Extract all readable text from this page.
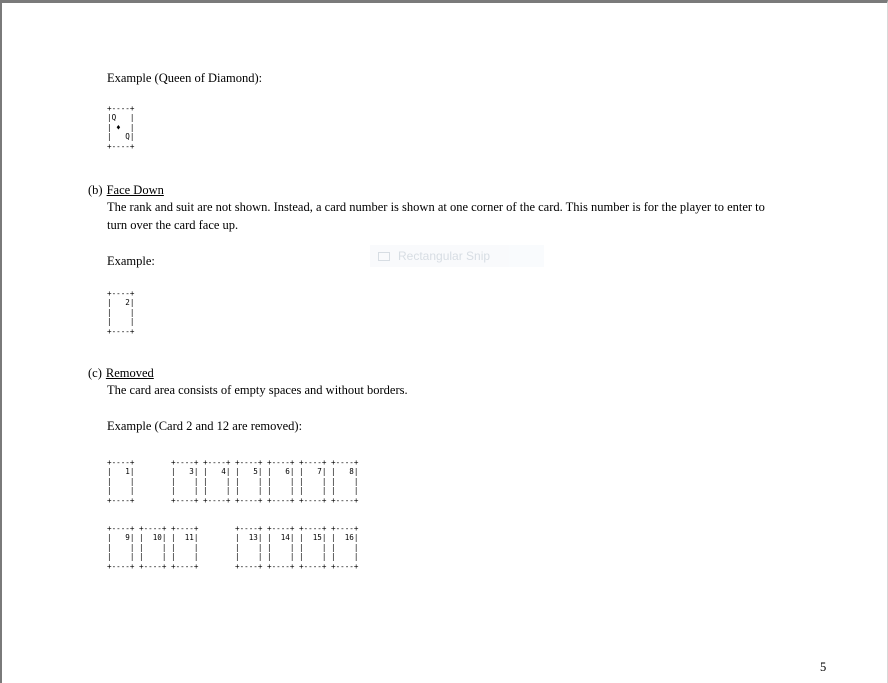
Example (Queen of Diamond):
+----+
|Q   |
| ♦  |
|   Q|
+----+
(b) Face Down
The rank and suit are not shown. Instead, a card number is shown at one corner of the card. This number is for the player to enter to
turn over the card face up.
Example:
+----+
|   2|
|    |
|    |
+----+
Rectangular Snip
(c) Removed
The card area consists of empty spaces and without borders.
Example (Card 2 and 12 are removed):
+----+        +----+ +----+ +----+ +----+ +----+ +----+
|   1|        |   3| |   4| |   5| |   6| |   7| |   8|
|    |        |    | |    | |    | |    | |    | |    |
|    |        |    | |    | |    | |    | |    | |    |
+----+        +----+ +----+ +----+ +----+ +----+ +----+
+----+ +----+ +----+        +----+ +----+ +----+ +----+
|   9| |  10| |  11|        |  13| |  14| |  15| |  16|
|    | |    | |    |        |    | |    | |    | |    |
|    | |    | |    |        |    | |    | |    | |    |
+----+ +----+ +----+        +----+ +----+ +----+ +----+
5
